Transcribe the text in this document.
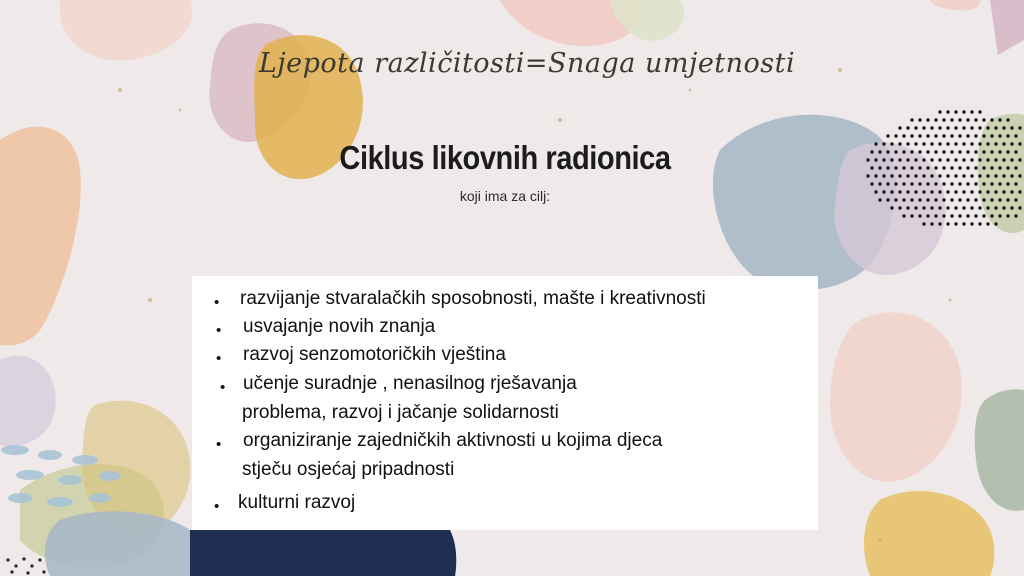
Ljepota različitosti=Snaga umjetnosti
Ciklus likovnih radionica
koji ima za cilj:
• razvijanje stvaralačkih sposobnosti, mašte i kreativnosti
• usvajanje novih znanja
• razvoj senzomotoričkih vještina
• učenje suradnje , nenasilnog rješavanja
problema, razvoj i jačanje solidarnosti
• organiziranje zajedničkih aktivnosti u kojima djeca
stječu osjećaj pripadnosti
• kulturni razvoj
